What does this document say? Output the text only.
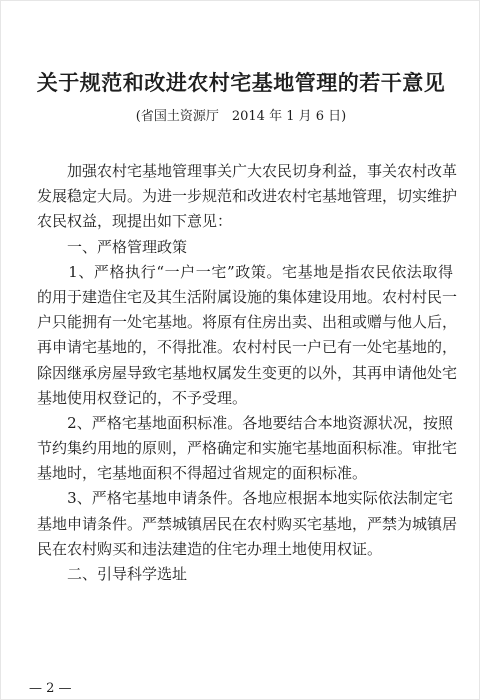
关于规范和改进农村宅基地管理的若干意见
(省国土资源厅　2014 年 1 月 6 日)
　　加强农村宅基地管理事关广大农民切身利益，事关农村改革
发展稳定大局。为进一步规范和改进农村宅基地管理，切实维护
农民权益，现提出如下意见：
　　一、严格管理政策
　　1、严格执行“一户一宅”政策。宅基地是指农民依法取得
的用于建造住宅及其生活附属设施的集体建设用地。农村村民一
户只能拥有一处宅基地。将原有住房出卖、出租或赠与他人后，
再申请宅基地的，不得批准。农村村民一户已有一处宅基地的，
除因继承房屋导致宅基地权属发生变更的以外，其再申请他处宅
基地使用权登记的，不予受理。
　　2、严格宅基地面积标准。各地要结合本地资源状况，按照
节约集约用地的原则，严格确定和实施宅基地面积标准。审批宅
基地时，宅基地面积不得超过省规定的面积标准。
　　3、严格宅基地申请条件。各地应根据本地实际依法制定宅
基地申请条件。严禁城镇居民在农村购买宅基地，严禁为城镇居
民在农村购买和违法建造的住宅办理土地使用权证。
　　二、引导科学选址
— 2 —
